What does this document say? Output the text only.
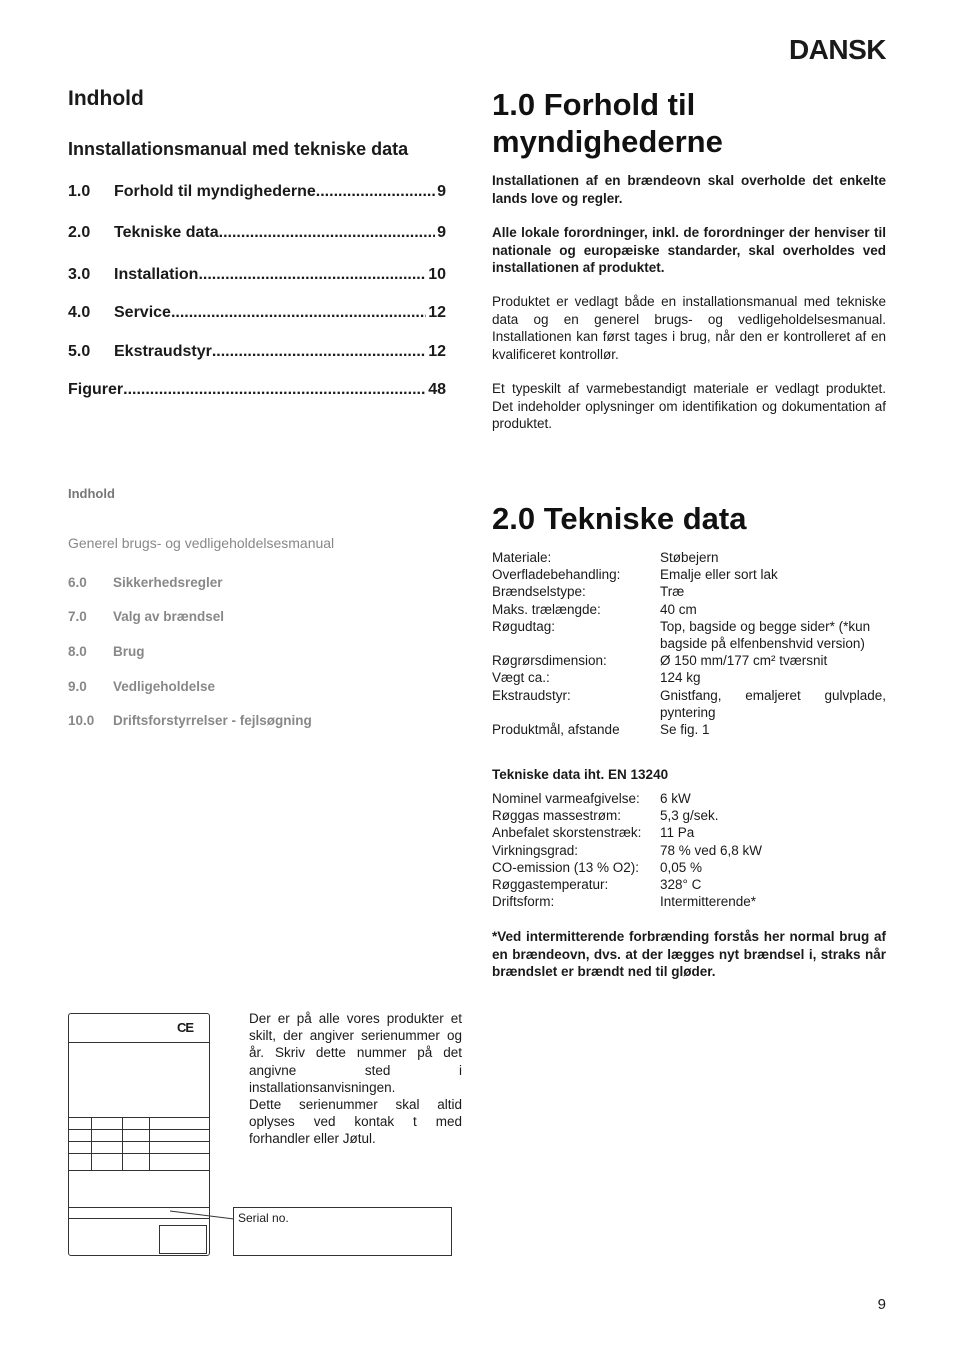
DANSK
Indhold
Innstallationsmanual med tekniske data
1.0	Forhold til myndighederne .....	9
2.0	Tekniske data .....	9
3.0	Installation .....	10
4.0	Service .....	12
5.0	Ekstraudstyr .....	12
Figurer .....	48
Indhold
Generel brugs- og vedligeholdelsesmanual
6.0	Sikkerhedsregler
7.0	Valg av brændsel
8.0	Brug
9.0	Vedligeholdelse
10.0	Driftsforstyrrelser - fejlsøgning
1.0 Forhold til
myndighederne
Installationen af en brændeovn skal overholde det enkelte lands love og regler.
Alle lokale forordninger, inkl. de forordninger der henviser til nationale og europæiske standarder, skal overholdes ved installationen af produktet.
Produktet er vedlagt både en installationsmanual med tekniske data og en generel brugs- og vedligeholdelsesmanual. Installationen kan først tages i brug, når den er kontrolleret af en kvalificeret kontrollør.
Et typeskilt af varmebestandigt materiale er vedlagt produktet. Det indeholder oplysninger om identifikation og dokumentation af produktet.
2.0 Tekniske data
Materiale:	Støbejern
Overfladebehandling:	Emalje eller sort lak
Brændselstype:	Træ
Maks. trælængde:	40 cm
Røgudtag:	Top, bagside og begge sider* (*kun bagside på elfenbenshvid version)
Røgrørsdimension:	Ø 150 mm/177 cm² tværsnit
Vægt ca.:	124 kg
Ekstraudstyr:	Gnistfang, emaljeret gulvplade, pyntering
Produktmål, afstande	Se fig. 1
Tekniske data iht. EN 13240
Nominel varmeafgivelse:	6 kW
Røggas massestrøm:	5,3 g/sek.
Anbefalet skorstenstræk:	11 Pa
Virkningsgrad:	78 % ved 6,8 kW
CO-emission (13 % O2):	0,05 %
Røggastemperatur:	328° C
Driftsform:	Intermitterende*
*Ved intermitterende forbrænding forstås her normal brug af en brændeovn, dvs. at der lægges nyt brændsel i, straks når brændslet er brændt ned til gløder.
CE
Serial no.
Der er på alle vores produkter et skilt, der angiver serienummer og år. Skriv dette nummer på det angivne sted i installationsanvisningen.
Dette serienummer skal altid oplyses ved kontak t med forhandler eller Jøtul.
9
